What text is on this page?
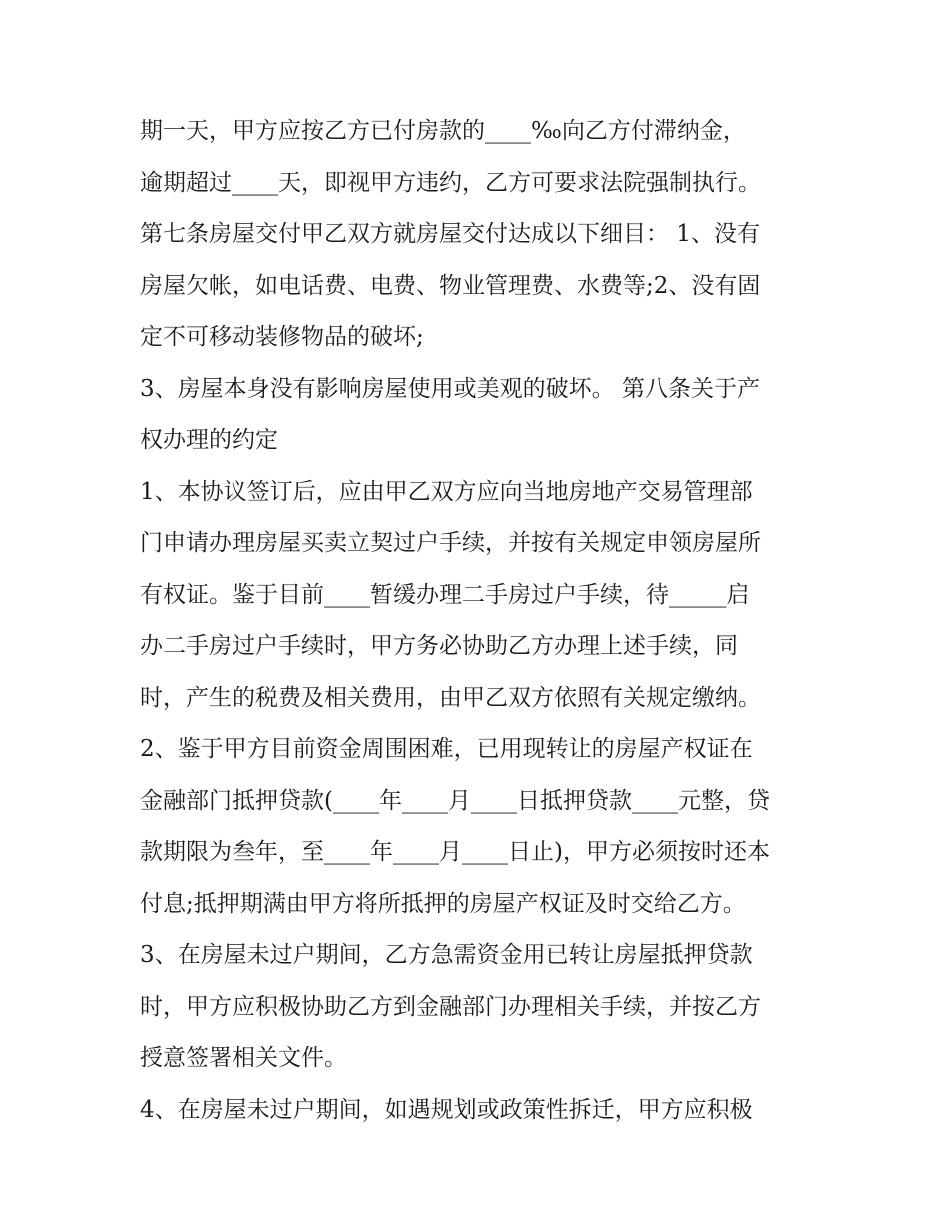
期一天，甲方应按乙方已付房款的____‰向乙方付滞纳金，
逾期超过____天，即视甲方违约，乙方可要求法院强制执行。
第七条房屋交付甲乙双方就房屋交付达成以下细目： 1、没有
房屋欠帐，如电话费、电费、物业管理费、水费等;2、没有固
定不可移动装修物品的破坏;
3、房屋本身没有影响房屋使用或美观的破坏。 第八条关于产
权办理的约定
1、本协议签订后，应由甲乙双方应向当地房地产交易管理部
门申请办理房屋买卖立契过户手续，并按有关规定申领房屋所
有权证。鉴于目前____暂缓办理二手房过户手续，待_____启
办二手房过户手续时，甲方务必协助乙方办理上述手续，同
时，产生的税费及相关费用，由甲乙双方依照有关规定缴纳。
2、鉴于甲方目前资金周围困难，已用现转让的房屋产权证在
金融部门抵押贷款(____年____月____日抵押贷款____元整，贷
款期限为叁年，至____年____月____日止)，甲方必须按时还本
付息;抵押期满由甲方将所抵押的房屋产权证及时交给乙方。
3、在房屋未过户期间，乙方急需资金用已转让房屋抵押贷款
时，甲方应积极协助乙方到金融部门办理相关手续，并按乙方
授意签署相关文件。
4、在房屋未过户期间，如遇规划或政策性拆迁，甲方应积极
